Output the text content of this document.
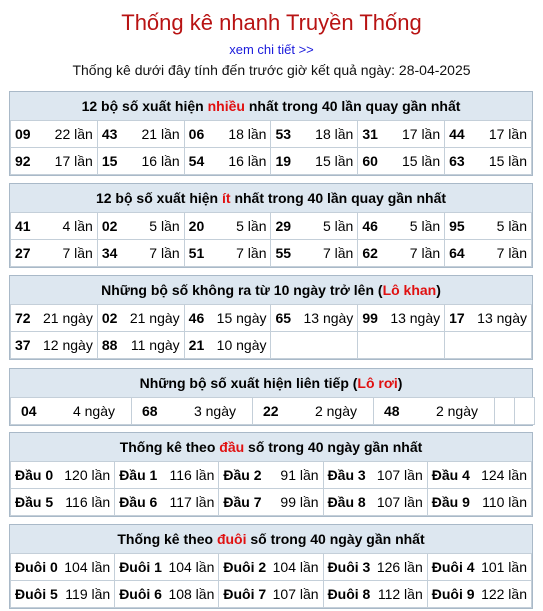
Thống kê nhanh Truyền Thống
xem chi tiết >>
Thống kê dưới đây tính đến trước giờ kết quả ngày: 28-04-2025
12 bộ số xuất hiện nhiều nhất trong 40 lần quay gần nhất
09 22 lần	43 21 lần	06 18 lần	53 18 lần	31 17 lần	44 17 lần

92 17 lần	15 16 lần	54 16 lần	19 15 lần	60 15 lần	63 15 lần
12 bộ số xuất hiện ít nhất trong 40 lần quay gần nhất
41 4 lần	02 5 lần	20 5 lần	29 5 lần	46 5 lần	95 5 lần

27 7 lần	34 7 lần	51 7 lần	55 7 lần	62 7 lần	64 7 lần
Những bộ số không ra từ 10 ngày trở lên (Lô khan)
72 21 ngày	02 21 ngày	46 15 ngày	65 13 ngày	99 13 ngày	17 13 ngày

37 12 ngày	88 11 ngày	21 10 ngày			

Những bộ số xuất hiện liên tiếp (Lô rơi)
04	4 ngày	68	3 ngày	22	2 ngày	48	2 ngày

Thống kê theo đầu số trong 40 ngày gần nhất
Đầu 0 120 lần	Đầu 1 116 lần	Đầu 2 91 lần	Đầu 3 107 lần	Đầu 4 124 lần

Đầu 5 116 lần	Đầu 6 117 lần	Đầu 7 99 lần	Đầu 8 107 lần	Đầu 9 110 lần
Thống kê theo đuôi số trong 40 ngày gần nhất
Đuôi 0 104 lần	Đuôi 1 104 lần	Đuôi 2 104 lần	Đuôi 3 126 lần	Đuôi 4 101 lần

Đuôi 5 119 lần	Đuôi 6 108 lần	Đuôi 7 107 lần	Đuôi 8 112 lần	Đuôi 9 122 lần
